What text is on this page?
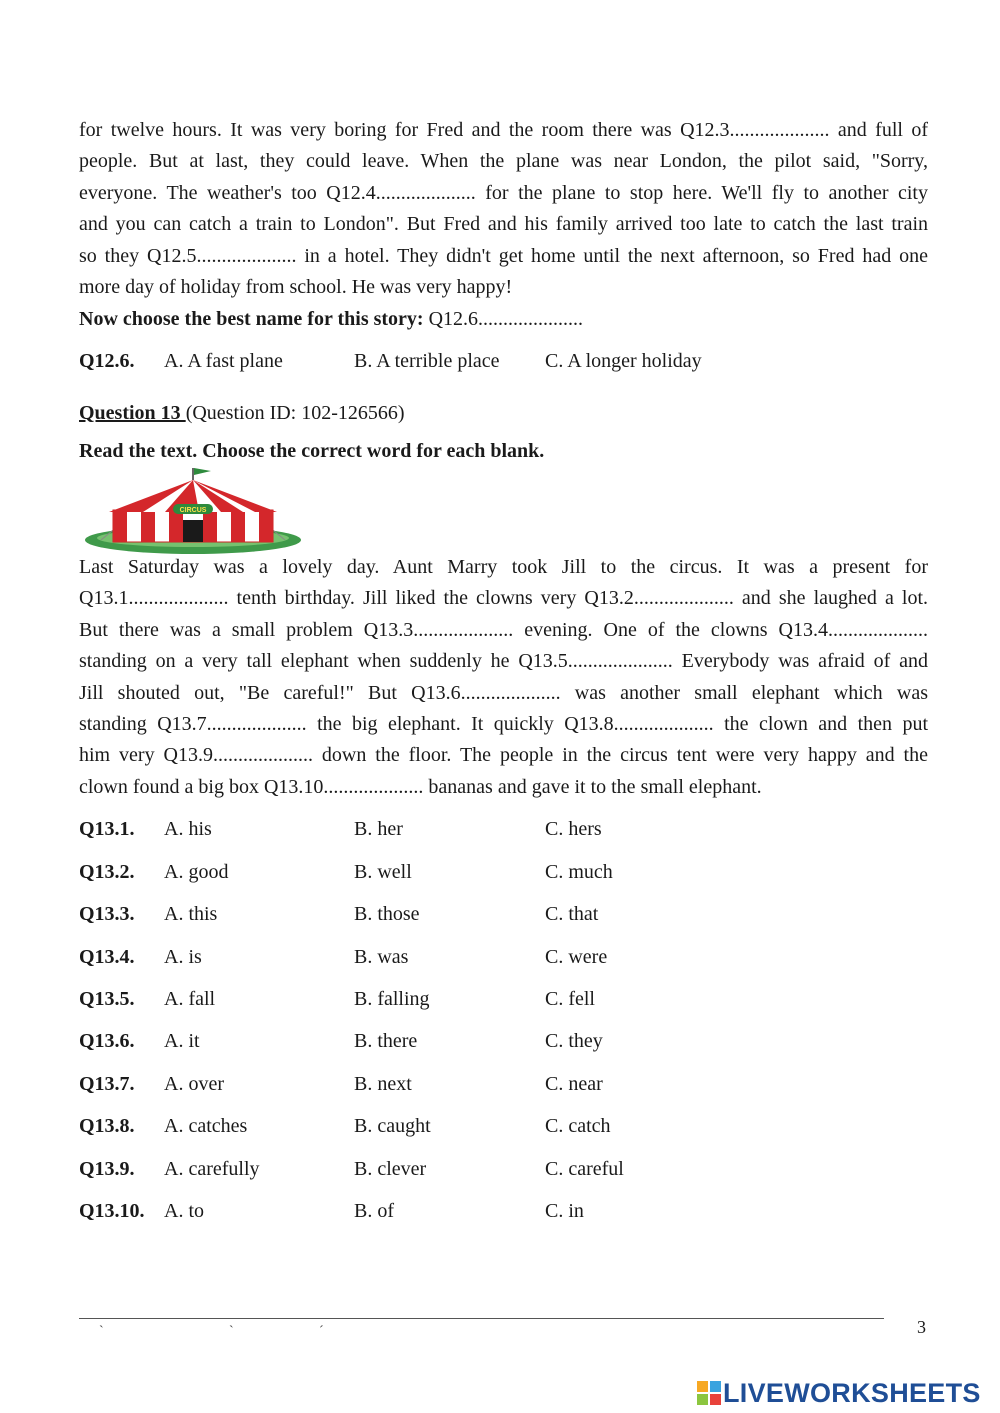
for twelve hours. It was very boring for Fred and the room there was Q12.3.................... and full of
people. But at last, they could leave. When the plane was near London, the pilot said, "Sorry,
everyone. The weather's too Q12.4.................... for the plane to stop here. We'll fly to another city
and you can catch a train to London". But Fred and his family arrived too late to catch the last train
so they Q12.5.................... in a hotel. They didn't get home until the next afternoon, so Fred had one
more day of holiday from school. He was very happy!
Now choose the best name for this story: Q12.6.....................
Q12.6. A. A fast plane	B. A terrible place C. A longer holiday
Question 13 (Question ID: 102-126566)
Read the text. Choose the correct word for each blank.
CIRCUS
Last Saturday was a lovely day. Aunt Marry took Jill to the circus. It was a present for
Q13.1.................... tenth birthday. Jill liked the clowns very Q13.2.................... and she laughed a lot.
But there was a small problem Q13.3.................... evening. One of the clowns Q13.4....................
standing on a very tall elephant when suddenly he Q13.5..................... Everybody was afraid of and
Jill shouted out, "Be careful!" But Q13.6.................... was another small elephant which was
standing Q13.7.................... the big elephant. It quickly Q13.8.................... the clown and then put
him very Q13.9.................... down the floor. The people in the circus tent were very happy and the
clown found a big box Q13.10.................... bananas and gave it to the small elephant.
Q13.1. A. his	B. her	C. hers
Q13.2. A. good	B. well	C. much
Q13.3. A. this	B. those	C. that
Q13.4. A. is	B. was	C. were
Q13.5. A. fall	B. falling	C. fell
Q13.6. A. it	B. there	C. they
Q13.7. A. over	B. next	C. near
Q13.8. A. catches	B. caught	C. catch
Q13.9. A. carefully	B. clever	C. careful
Q13.10. A. to	B. of	C. in
`	`	´	3
LIVEWORKSHEETS
